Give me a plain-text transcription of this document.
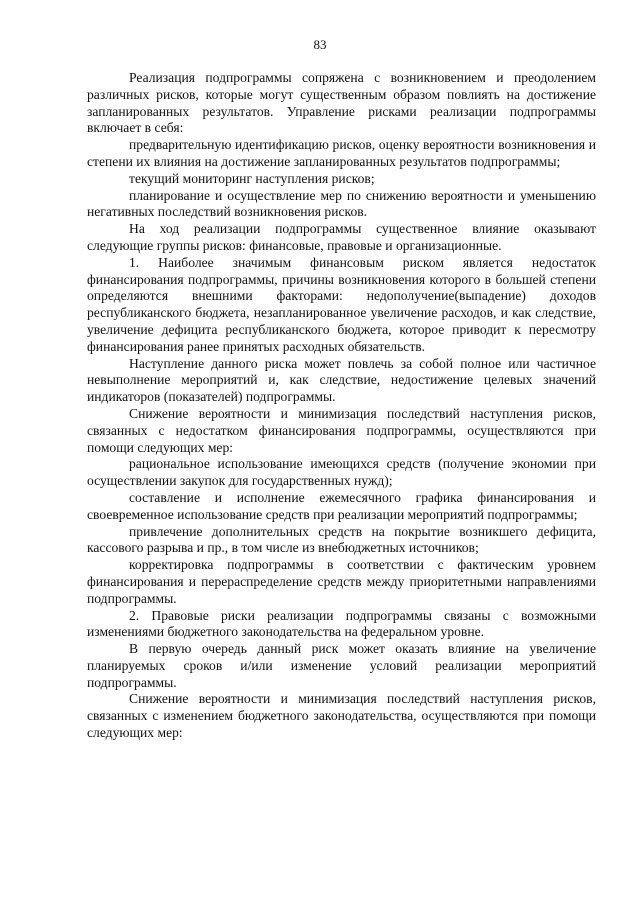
83

Реализация подпрограммы сопряжена с возникновением и преодолением различных рисков, которые могут существенным образом повлиять на достижение запланированных результатов. Управление рисками реализации подпрограммы включает в себя:

предварительную идентификацию рисков, оценку вероятности возникновения и степени их влияния на достижение запланированных результатов подпрограммы;

текущий мониторинг наступления рисков;

планирование и осуществление мер по снижению вероятности и уменьшению негативных последствий возникновения рисков.

На ход реализации подпрограммы существенное влияние оказывают следующие группы рисков: финансовые, правовые и организационные.

1. Наиболее значимым финансовым риском является недостаток финансирования подпрограммы, причины возникновения которого в большей степени определяются внешними факторами: недополучение(выпадение) доходов республиканского бюджета, незапланированное увеличение расходов, и как следствие, увеличение дефицита республиканского бюджета, которое приводит к пересмотру финансирования ранее принятых расходных обязательств.

Наступление данного риска может повлечь за собой полное или частичное невыполнение мероприятий и, как следствие, недостижение целевых значений индикаторов (показателей) подпрограммы.

Снижение вероятности и минимизация последствий наступления рисков, связанных с недостатком финансирования подпрограммы, осуществляются при помощи следующих мер:

рациональное использование имеющихся средств (получение экономии при осуществлении закупок для государственных нужд);

составление и исполнение ежемесячного графика финансирования и своевременное использование средств при реализации мероприятий подпрограммы;

привлечение дополнительных средств на покрытие возникшего дефицита, кассового разрыва и пр., в том числе из внебюджетных источников;

корректировка подпрограммы в соответствии с фактическим уровнем финансирования и перераспределение средств между приоритетными направлениями подпрограммы.

2. Правовые риски реализации подпрограммы связаны с возможными изменениями бюджетного законодательства на федеральном уровне.

В первую очередь данный риск может оказать влияние на увеличение планируемых сроков и/или изменение условий реализации мероприятий подпрограммы.

Снижение вероятности и минимизация последствий наступления рисков, связанных с изменением бюджетного законодательства, осуществляются при помощи следующих мер:
